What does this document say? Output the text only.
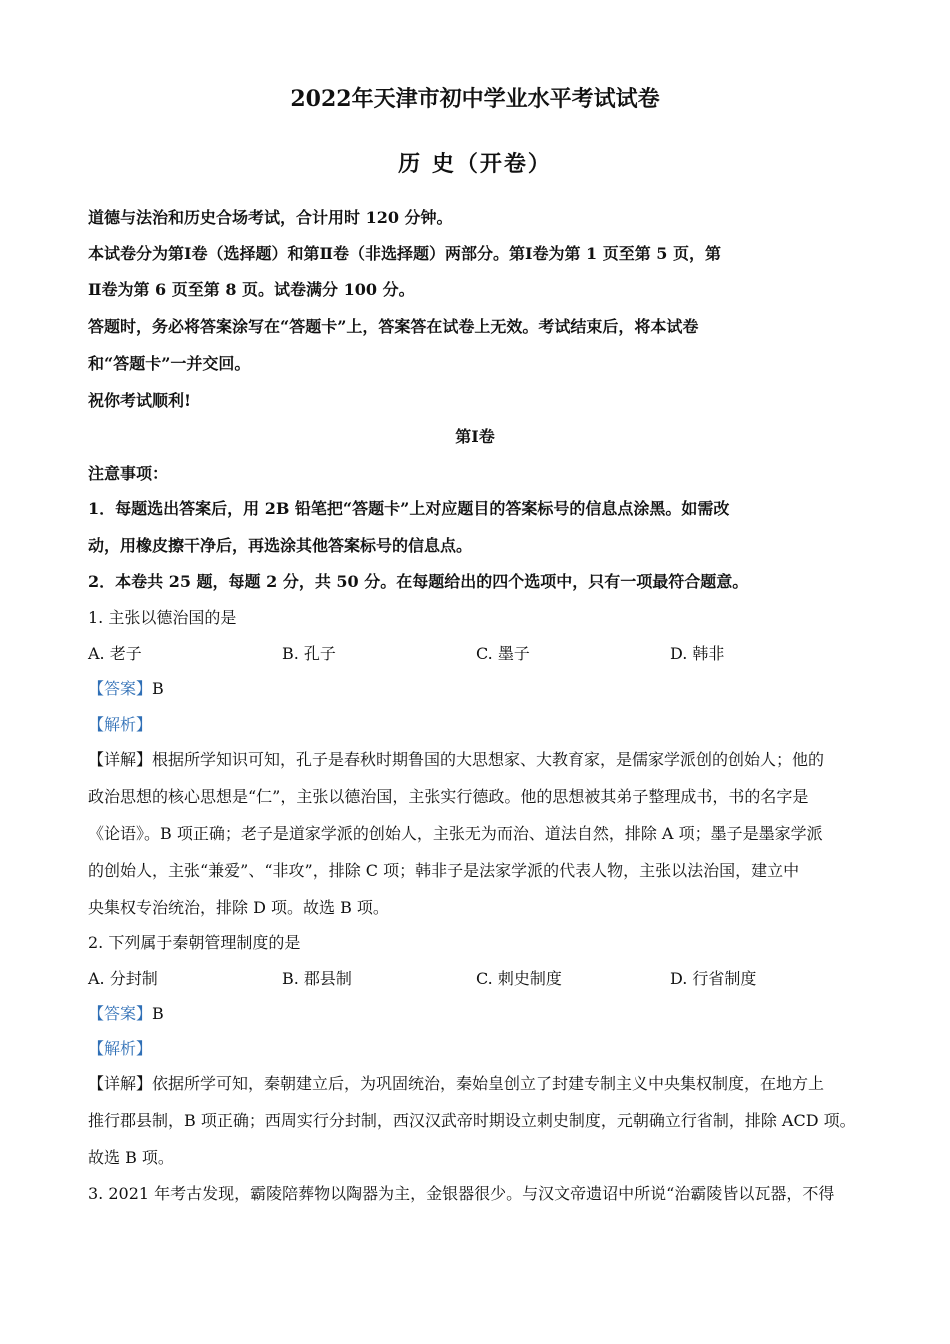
2022年天津市初中学业水平考试试卷
历 史（开卷）
道德与法治和历史合场考试，合计用时 120 分钟。
本试卷分为第Ⅰ卷（选择题）和第Ⅱ卷（非选择题）两部分。第Ⅰ卷为第 1 页至第 5 页，第
Ⅱ卷为第 6 页至第 8 页。试卷满分 100 分。
答题时，务必将答案涂写在“答题卡”上，答案答在试卷上无效。考试结束后，将本试卷
和“答题卡”一并交回。
祝你考试顺利!
第Ⅰ卷
注意事项：
1．每题选出答案后，用 2B 铅笔把“答题卡”上对应题目的答案标号的信息点涂黑。如需改
动，用橡皮擦干净后，再选涂其他答案标号的信息点。
2．本卷共 25 题，每题 2 分，共 50 分。在每题给出的四个选项中，只有一项最符合题意。
1. 主张以德治国的是
A. 老子	B. 孔子	C. 墨子	D. 韩非
【答案】B
【解析】
【详解】根据所学知识可知，孔子是春秋时期鲁国的大思想家、大教育家，是儒家学派创的创始人；他的
政治思想的核心思想是“仁”，主张以德治国，主张实行德政。他的思想被其弟子整理成书，书的名字是
《论语》。B 项正确；老子是道家学派的创始人，主张无为而治、道法自然，排除 A 项；墨子是墨家学派
的创始人，主张“兼爱”、“非攻”，排除 C 项；韩非子是法家学派的代表人物，主张以法治国，建立中
央集权专治统治，排除 D 项。故选 B 项。
2. 下列属于秦朝管理制度的是
A. 分封制	B. 郡县制	C. 刺史制度	D. 行省制度
【答案】B
【解析】
【详解】依据所学可知，秦朝建立后，为巩固统治，秦始皇创立了封建专制主义中央集权制度，在地方上
推行郡县制，B 项正确；西周实行分封制，西汉汉武帝时期设立刺史制度，元朝确立行省制，排除 ACD 项。
故选 B 项。
3. 2021 年考古发现，霸陵陪葬物以陶器为主，金银器很少。与汉文帝遗诏中所说“治霸陵皆以瓦器，不得
